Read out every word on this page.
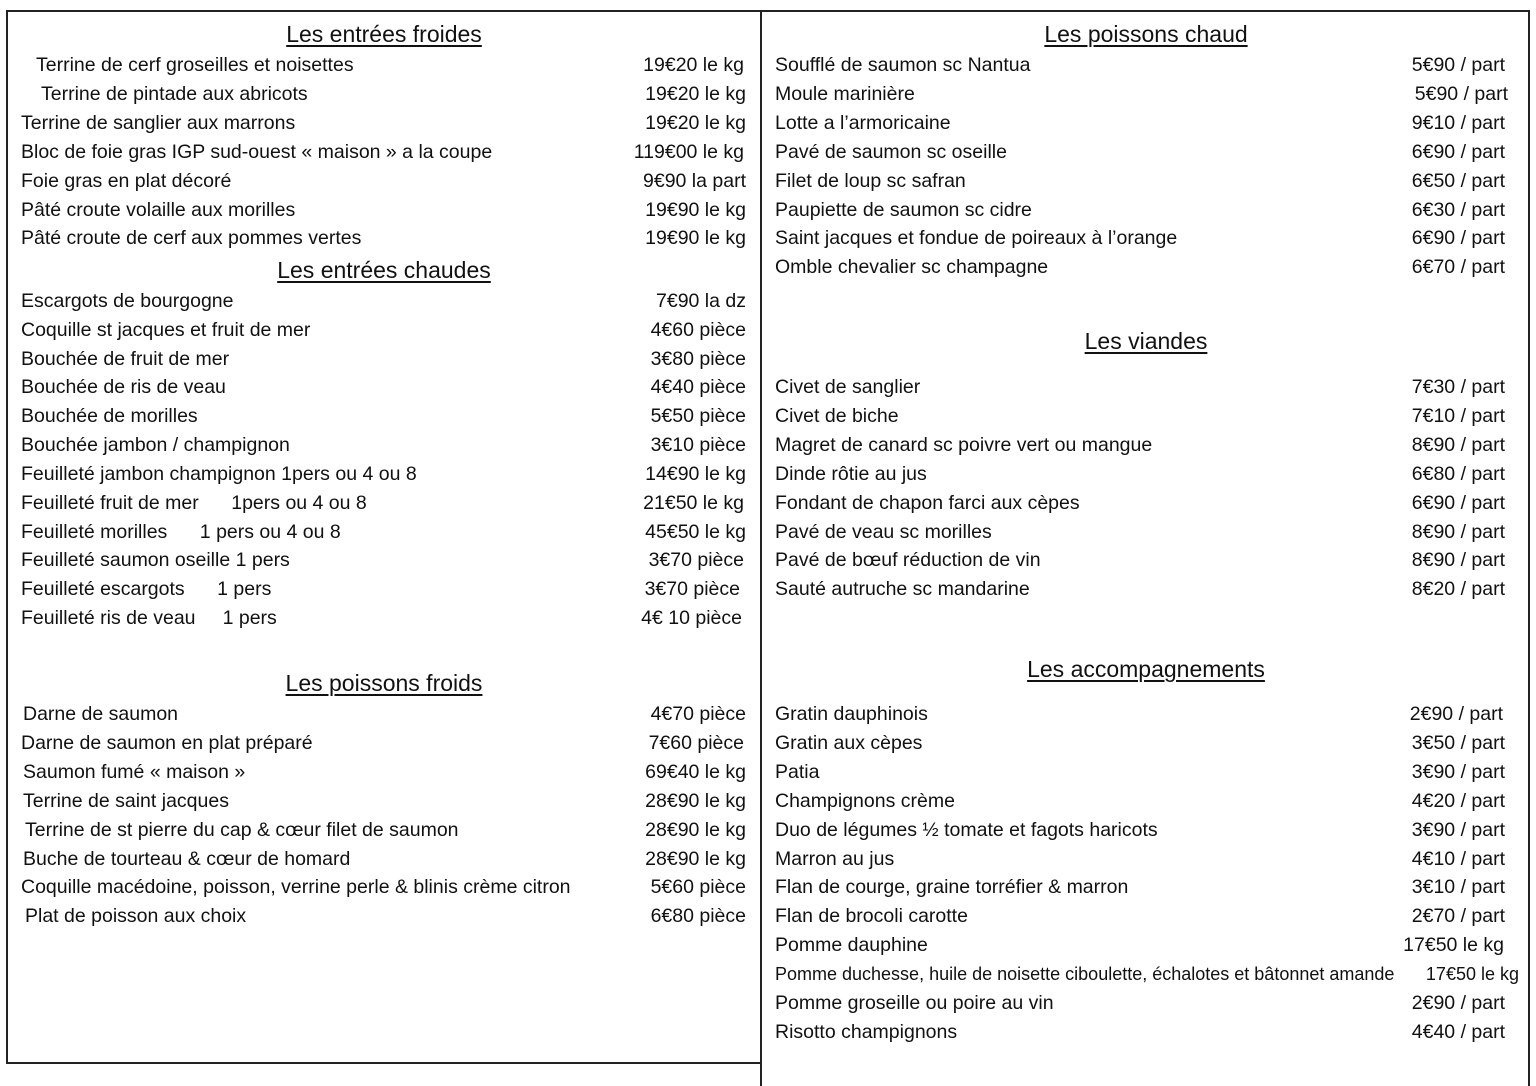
Les entrées froides
Terrine de cerf groseilles et noisettes	19€20 le kg
Terrine de pintade aux abricots	19€20 le kg
Terrine de sanglier aux marrons	19€20 le kg
Bloc de foie gras IGP sud-ouest « maison » a la coupe	119€00 le kg
Foie gras en plat décoré	9€90 la part
Pâté croute volaille aux morilles	19€90 le kg
Pâté croute de cerf aux pommes vertes	19€90 le kg
Les entrées chaudes
Escargots de bourgogne	7€90 la dz
Coquille st jacques et fruit de mer	4€60 pièce
Bouchée de fruit de mer	3€80 pièce
Bouchée de ris de veau	4€40 pièce
Bouchée de morilles	5€50 pièce
Bouchée jambon / champignon	3€10 pièce
Feuilleté jambon champignon 1pers ou 4 ou 8	14€90 le kg
Feuilleté fruit de mer      1pers ou 4 ou 8	21€50 le kg
Feuilleté morilles      1 pers ou 4 ou 8	45€50 le kg
Feuilleté saumon oseille 1 pers	3€70 pièce
Feuilleté escargots      1 pers	3€70 pièce
Feuilleté ris de veau     1 pers	4€ 10 pièce
Les poissons froids
Darne de saumon	4€70 pièce
Darne de saumon en plat préparé	7€60 pièce
Saumon fumé « maison »	69€40 le kg
Terrine de saint jacques	28€90 le kg
Terrine de st pierre du cap & cœur filet de saumon	28€90 le kg
Buche de tourteau & cœur de homard	28€90 le kg
Coquille macédoine, poisson, verrine perle & blinis crème citron	5€60 pièce
Plat de poisson aux choix	6€80 pièce
Les poissons chaud
Soufflé de saumon sc Nantua	5€90 / part
Moule marinière	5€90 / part
Lotte a l’armoricaine	9€10 / part
Pavé de saumon sc oseille	6€90 / part
Filet de loup sc safran	6€50 / part
Paupiette de saumon sc cidre	6€30 / part
Saint jacques et fondue de poireaux à l’orange	6€90 / part
Omble chevalier sc champagne	6€70 / part
Les viandes
Civet de sanglier	7€30 / part
Civet de biche	7€10 / part
Magret de canard sc poivre vert ou mangue	8€90 / part
Dinde rôtie au jus	6€80 / part
Fondant de chapon farci aux cèpes	6€90 / part
Pavé de veau sc morilles	8€90 / part
Pavé de bœuf réduction de vin	8€90 / part
Sauté autruche sc mandarine	8€20 / part
Les accompagnements
Gratin dauphinois	2€90 / part
Gratin aux cèpes	3€50 / part
Patia	3€90 / part
Champignons crème	4€20 / part
Duo de légumes ½ tomate et fagots haricots	3€90 / part
Marron au jus	4€10 / part
Flan de courge, graine torréfier & marron	3€10 / part
Flan de brocoli carotte	2€70 / part
Pomme dauphine	17€50 le kg
Pomme duchesse, huile de noisette ciboulette, échalotes et bâtonnet amande 17€50 le kg
Pomme groseille ou poire au vin	2€90 / part
Risotto champignons	4€40 / part
